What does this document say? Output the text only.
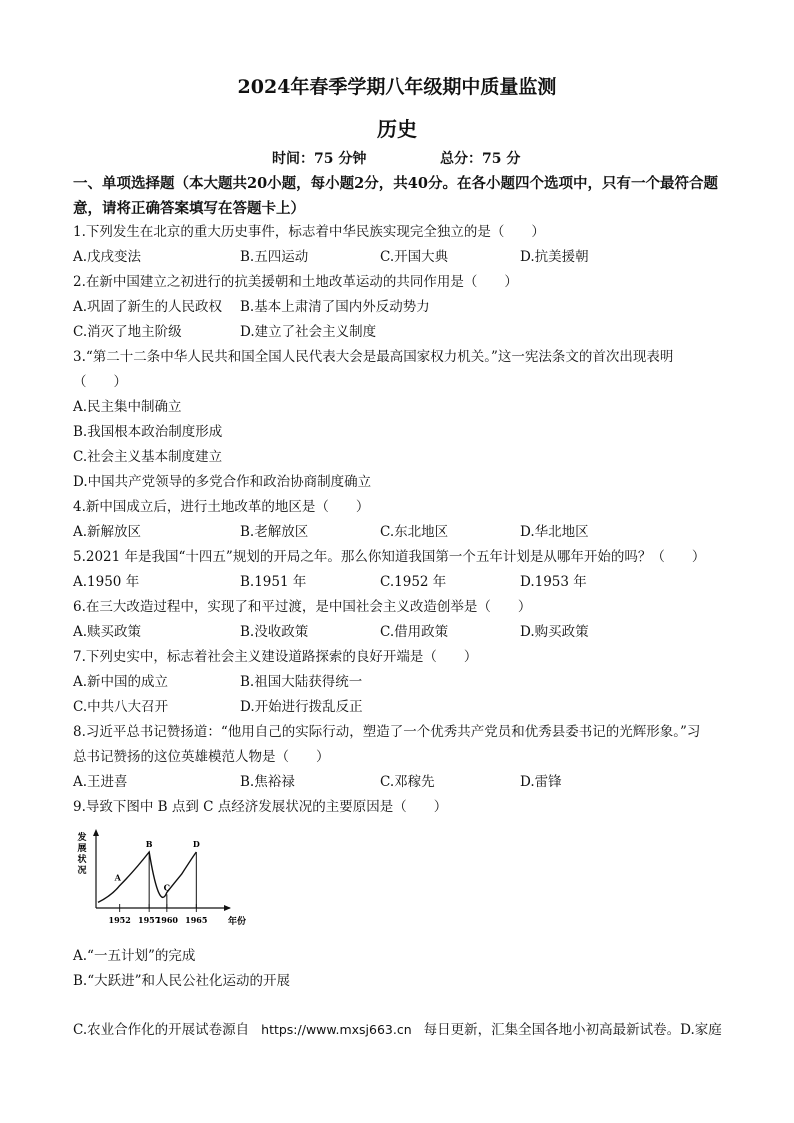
2024年春季学期八年级期中质量监测
历史
时间：75 分钟	总分：75 分
一、单项选择题（本大题共20小题，每小题2分，共40分。在各小题四个选项中，只有一个最符合题意，请将正确答案填写在答题卡上）
1.下列发生在北京的重大历史事件，标志着中华民族实现完全独立的是（　　）
A.戊戌变法	B.五四运动	C.开国大典	D.抗美援朝
2.在新中国建立之初进行的抗美援朝和土地改革运动的共同作用是（　　）
A.巩固了新生的人民政权 B.基本上肃清了国内外反动势力
C.消灭了地主阶级	D.建立了社会主义制度
3.“第二十二条中华人民共和国全国人民代表大会是最高国家权力机关。”这一宪法条文的首次出现表明
（　　）
A.民主集中制确立
B.我国根本政治制度形成
C.社会主义基本制度建立
D.中国共产党领导的多党合作和政治协商制度确立
4.新中国成立后，进行土地改革的地区是（　　）
A.新解放区	B.老解放区	C.东北地区	D.华北地区
5.2021 年是我国“十四五”规划的开局之年。那么你知道我国第一个五年计划是从哪年开始的吗？（　　）
A.1950 年	B.1951 年	C.1952 年	D.1953 年
6.在三大改造过程中，实现了和平过渡，是中国社会主义改造创举是（　　）
A.赎买政策	B.没收政策	C.借用政策	D.购买政策
7.下列史实中，标志着社会主义建设道路探索的良好开端是（　　）
A.新中国的成立	B.祖国大陆获得统一
C.中共八大召开	D.开始进行拨乱反正
8.习近平总书记赞扬道：“他用自己的实际行动，塑造了一个优秀共产党员和优秀县委书记的光辉形象。”习
总书记赞扬的这位英雄模范人物是（　　）
A.王进喜	B.焦裕禄	C.邓稼先	D.雷锋
9.导致下图中 B 点到 C 点经济发展状况的主要原因是（　　）
发
展
状
况
年份
1952 1957
1960 1965
A
B
C
D
A.“一五计划”的完成
B.“大跃进”和人民公社化运动的开展
C.农业合作化的开展试卷源自 https://www.mxsj663.cn 每日更新，汇集全国各地小初高最新试卷。D.家庭
